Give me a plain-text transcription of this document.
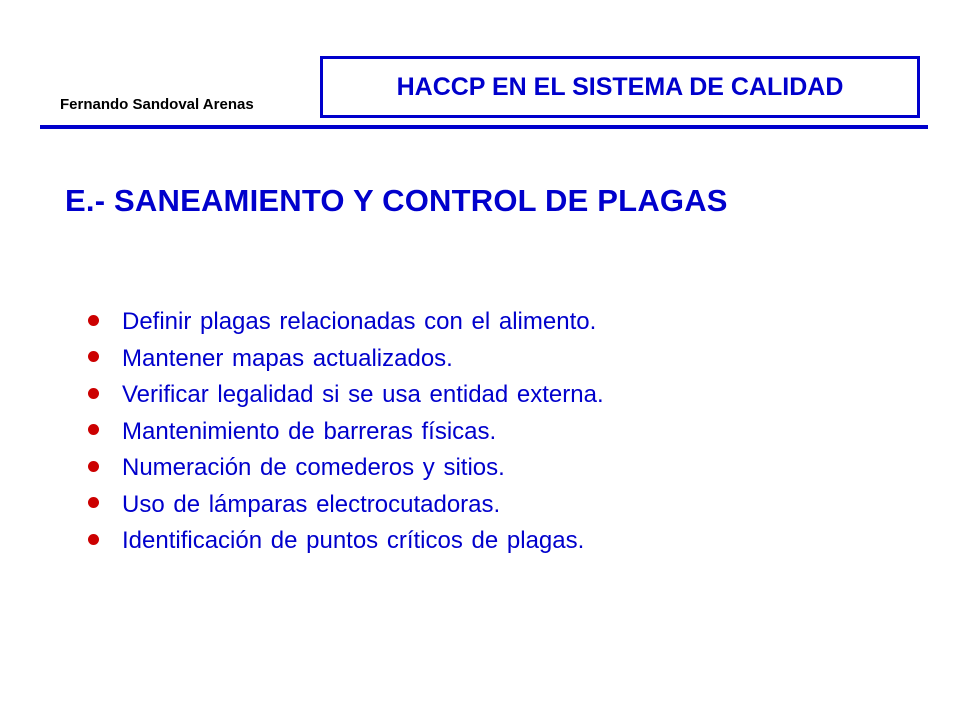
Fernando Sandoval Arenas
HACCP EN EL SISTEMA DE CALIDAD
E.- SANEAMIENTO Y CONTROL DE PLAGAS
Definir plagas relacionadas con el alimento.
Mantener mapas actualizados.
Verificar legalidad si se usa entidad externa.
Mantenimiento de barreras físicas.
Numeración de comederos y sitios.
Uso de lámparas electrocutadoras.
Identificación de puntos críticos de plagas.
